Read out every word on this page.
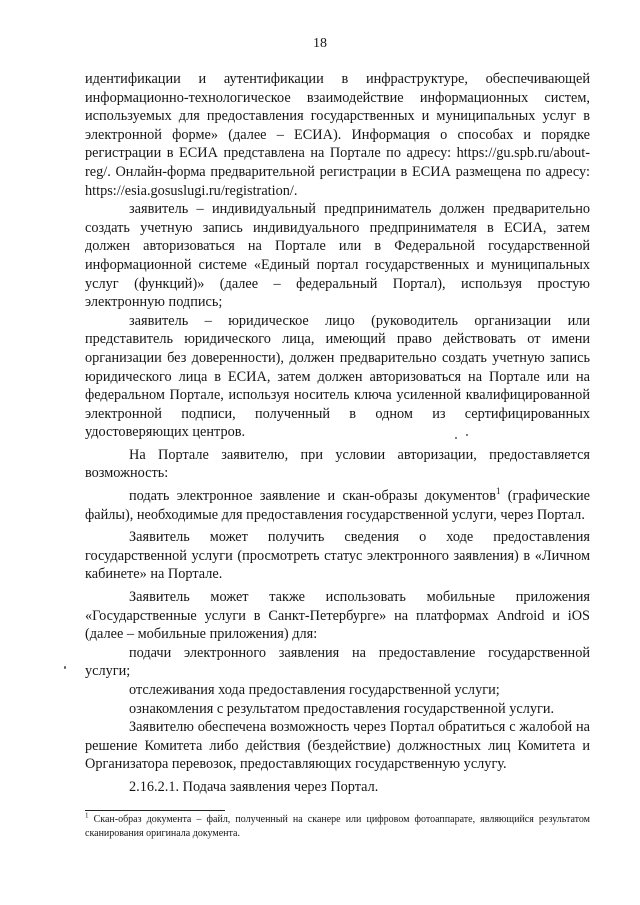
18

идентификации и аутентификации в инфраструктуре, обеспечивающей информационно-технологическое взаимодействие информационных систем, используемых для предоставления государственных и муниципальных услуг в электронной форме» (далее – ЕСИА). Информация о способах и порядке регистрации в ЕСИА представлена на Портале по адресу: https://gu.spb.ru/about-reg/. Онлайн-форма предварительной регистрации в ЕСИА размещена по адресу: https://esia.gosuslugi.ru/registration/.

заявитель – индивидуальный предприниматель должен предварительно создать учетную запись индивидуального предпринимателя в ЕСИА, затем должен авторизоваться на Портале или в Федеральной государственной информационной системе «Единый портал государственных и муниципальных услуг (функций)» (далее – федеральный Портал), используя простую электронную подпись;

заявитель – юридическое лицо (руководитель организации или представитель юридического лица, имеющий право действовать от имени организации без доверенности), должен предварительно создать учетную запись юридического лица в ЕСИА, затем должен авторизоваться на Портале или на федеральном Портале, используя носитель ключа усиленной квалифицированной электронной подписи, полученный в одном из сертифицированных удостоверяющих центров.

На Портале заявителю, при условии авторизации, предоставляется возможность:

подать электронное заявление и скан-образы документов$^1$ (графические файлы), необходимые для предоставления государственной услуги, через Портал.

Заявитель может получить сведения о ходе предоставления государственной услуги (просмотреть статус электронного заявления) в «Личном кабинете» на Портале.

Заявитель может также использовать мобильные приложения «Государственные услуги в Санкт-Петербурге» на платформах Android и iOS (далее – мобильные приложения) для:

подачи электронного заявления на предоставление государственной услуги;

отслеживания хода предоставления государственной услуги;

ознакомления с результатом предоставления государственной услуги.

Заявителю обеспечена возможность через Портал обратиться с жалобой на решение Комитета либо действия (бездействие) должностных лиц Комитета и Организатора перевозок, предоставляющих государственную услугу.

2.16.2.1. Подача заявления через Портал.

$^1$ Скан-образ документа – файл, полученный на сканере или цифровом фотоаппарате, являющийся результатом сканирования оригинала документа.
